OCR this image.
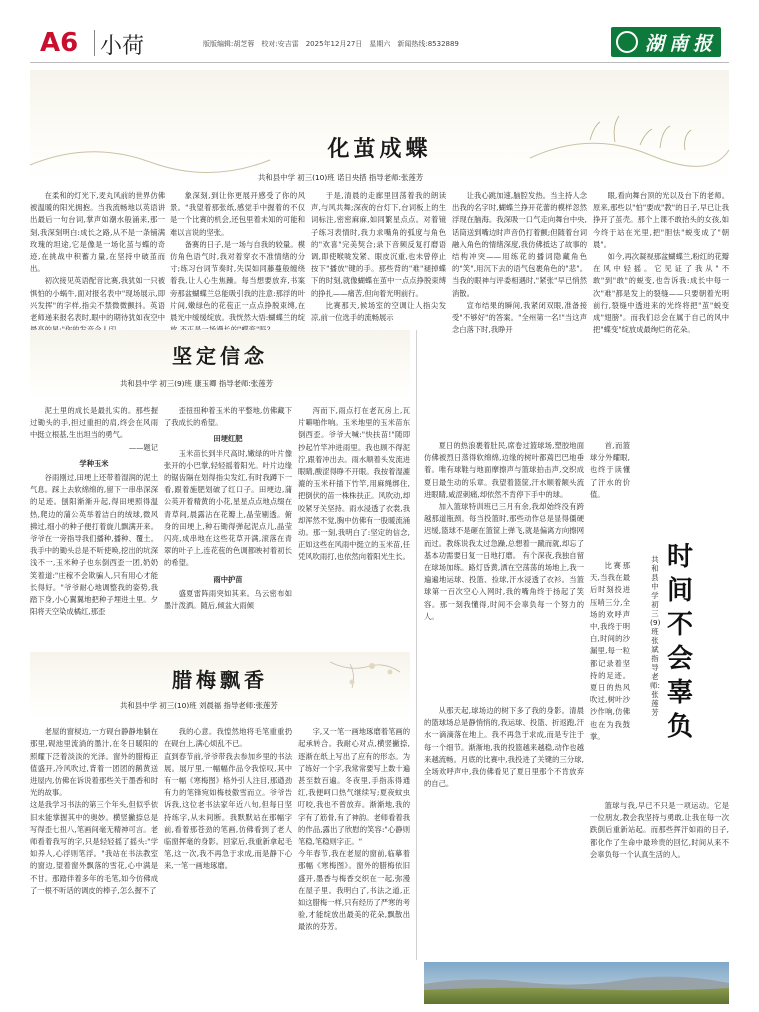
A6 小荷	版版编辑:胡芝蓉　校对:安吉雷　2025年12月27日　星期六　新闻热线:8532889	湖南报
化茧成蝶
共和县中学 初三(10)班 诺日央措 指导老师:张莲芳

在柔和的灯光下,麦丸风前的世界仿佛被温暖的阳光拥抱。当我流畅地以英语讲出最后一句台词,掌声如潮水般涌来,那一刻,我深刻明白:成长之路,从不是一条铺满玫瑰的坦途,它是像是一场化茧与蝶的奇迹,在挑战中积蓄力量,在坚持中破茧而出。

初次接见英语配音比赛,我犹如一只被惧怕的小蜗牛,面对报名表中"现场展示,即兴发挥"的字样,指尖不禁微微颤抖。英语老师递来报名表时,眼中的期待犹如夜空中

象深刻,到让你更展开感受了你的风景。"我望着那张纸,感觉手中握着的不仅是一个比赛的机会,还包里着未知的可能和难以言说的坚张。

备赛的日子,是一场与自我的较量。模仿角色语气时,我对着穿衣不准情绪的分寸;练习台词节奏时,失误如同藤蔓般缠绕着我,让人心生焦躁。每当想要放弃,书案旁那盆蝴蝶兰总能吸引我的注意:那浮的叶片间,嫩绿色的花苞正一点点挣脱束缚,在晨光中缓缓绽放。我恍然大悟:蝴蝶兰的绽

于是,清晨的走廊里回荡着我的朗读声,与风共舞;深夜的台灯下,台词板上的生词标注,密密麻麻,如同繁星点点。对着镜子练习表情时,我力求嘴角的弧度与角色的"欢喜"完美契合;录下音频反复打磨语调,即使喉咙发紧、眼皮沉重,也未曾停止按下"播放"键的手。那些背的"难"褪掉蝶下的时刻,就像蝴蝶在茧中一点点挣脱束缚的挣扎——痛苦,但向着光明前行。

比赛那天,候场室的空调让人指尖发凉,前一位选手的流畅展示

让我心跳加速,脑腔发热。当主持人念出我的名字时,蝴蝶兰挣开花蕾的模样忽然浮现在脑海。我深吸一口气走向舞台中央,话筒送到嘴边时声音仍打着颤;但随着台词融入角色的情绪深度,我仿佛抵达了故事的结构冲突——用练花的播词隐藏角色的"笑",用沉下去的语气包裹角色的"悲"。当我的眼神与评委相遇时,"紧张"早已悄然消散。

宣布结果的瞬间,我紧闭双眼,准备接受"不够好"的答案。"全州第一名!"当这声念白落下时,我睁开

眼,看向舞台顶的光以及台下的老师。原来,那些以"怕"要成"教"的日子,早已让我挣开了茧壳。那个上课不敢抬头的女孩,如今终于站在光里,把"胆怯"蜕变成了"朝晨"。

如今,再次凝视那盆蝴蝶兰,粉红的花瓣在风中轻摇。它见证了我从"不敢"到"敢"的蜕变,也告诉我:成长中每一次"难"都是发上的裂缝——只要朝着光明前行,裂缝中透进来的光终将把"茧"蜕变成"翅膀"。而我们总会在属于自己的风中把"蝶变"绽放成最绚烂的花朵。

坚定信念
共和县中学 初三(9)班 康玉卿 指导老师:张莲芳

泥土里的成长是最扎实的。那些握过锄头的手,担过重担的肩,终会在风雨中挺立根基,生出坦当的勇气。

——题记

学种玉米

谷雨刚过,田埂上还带着湿润的泥土气息。踩上去软绵绵的,留下一串串深深的足迹。刨阳渐渐升起,得田埂照得温热,爬边的蒲公英举着洁白的绒球,微风拂过,细小的种子便打着旋儿飘满开来。爷爷在一旁指导我们播种,播种、覆土。我手中的锄头总是不听使唤,挖出的坑深浅不一,玉米种子也东倒西歪一团,奶奶笑着道:"庄稼不会欺骗人,只有用心才能长得好。"爷爷耐心地调整我的姿势,我踏下身,小心翼翼地把种子埋进土里。夕阳将天空染成橘红,那歪

歪扭扭种着玉米的平整地,仿佛藏下了我成长的希望。

田埂红肥

玉米苗长到半尺高时,嫩绿的叶片像张开的小巴掌,轻轻摇着阳光。叶片边缘的锯齿隔在划得指尖发红,有时我蹲下一看,跟着施肥划破了红口子。田埂边,蒲公英开着精黄的小花,星星点点地点缀在青草间,晨露沾在花瓣上,晶莹剔透。俯身的田埂上,种石锄得弹起泥点儿,晶莹闪亮,成串地在这些花草开满,滚落在青翠的叶子上,连花苞的色调都映衬着初长的希望。

雨中护苗

盛夏雷阵雨突如其来。乌云密布如墨汁泼洒。随后,倾盆大雨倾

泻而下,雨点打在老瓦房上,瓦片噼啪作响。玉米地里的玉米苗东倒西歪。爷爷大喊:"快扶苗!"随即抄起竹竿冲进雨里。我也顾不得泥泞,跟着冲出去。雨水顺着头发流进眼睛,酸涩得睁不开眼。我按着湿漉漉的玉米秆插下竹竿,用麻绳绑住,把倒伏的苗一株株扶正。风吹动,却咬紧牙关坚持。雨水浸透了衣裳,我却浑然不觉,胸中仿佛有一股暖流涌动。那一刻,我明白了:坚定的信念,正如这些在风雨中挺立的玉米苗,任凭风吹雨打,也依然向着阳光生长。

腊梅飘香
共和县中学 初三(10)班 刘晨福 指导老师:张莲芳

老屋的窗棂边,一方砚台静静地躺在那里,砚池里流淌的墨汁,在冬日暖阳的照耀下泛着淡淡的光泽。窗外的腊梅正值盛开,冷风吹过,背着一团团的鹅黄送进屋内,仿佛在诉说着那些关于墨香和时光的故事。
这是我学习书法的第三个年头,但似乎依旧未能掌握其中的奥妙。横竖撇捺总是写得歪七扭八,笔画间毫无精神可言。老师看着我写的字,只是轻轻摇了摇头:"学如养人,心浮则笔浮。"我站在书法教室的窗边,望着窗外飘落的雪花,心中满是不甘。那踏伴着多年的毛笔,如今仿佛成了一根不听话的调皮的棒子,怎么握不了

我的心意。我惶然地将毛笔重重扔在砚台上,满心烦乱不已。
直到春节前,爷爷带我去参加乡里的书法展。展厅里,一幅幅作品令我惊叹,其中有一幅《寒梅图》格外引人注目,那遒劲有力的笔锋宛如梅枝傲雪而立。爷爷告诉我,这位老书法家年近八旬,但每日坚持练字,从未间断。我默默站在那幅字前,看着那苍劲的笔画,仿佛看到了老人临窗挥毫的身影。回家后,我重新拿起毛笔,这一次,我不再急于求成,而是静下心来,一笔一画地琢磨。

字,又一笔一画地琢磨着笔画的起承转合。我耐心对点,横竖撇捺,逐渐在纸上写出了应有的形态。为了练好一个字,我常常要写上数十遍甚至数百遍。冬夜里,手指冻得通红,我便呵口热气继续写;夏夜蚊虫叮咬,我也不曾放弃。渐渐地,我的字有了筋骨,有了神韵。老师看着我的作品,露出了欣慰的笑容:"心静则笔稳,笔稳则字正。"
今年春节,我在老屋的窗前,临摹着那幅《寒梅图》。窗外的腊梅依旧盛开,墨香与梅香交织在一起,弥漫在屋子里。我明白了,书法之道,正如这腊梅一样,只有经历了严寒的考验,才能绽放出最美的花朵,飘散出最浓的芬芳。

夏日的热浪裹着肚民,席卷过篮球场,塑胶地面仿佛被烈日蒸得软绵绵,边缘的树叶都蔫巴巴地垂着。唯有球鞋与地面摩擦声与篮球拍击声,交织成夏日最生动的乐章。我望着篮筐,汗水顺着额头流进眼睛,咸涩刺痛,却依然不肯停下手中的球。

加入篮球特训班已三月有余,我却始终没有跨越那道瓶颈。每当投篮时,那些动作总是显得僵硬迟缓,篮球不是砸在篮筐上弹飞,就是偏离方向擦网而过。教练说我太过急躁,总想着一蹴而就,却忘了基本功需要日复一日地打磨。 有个深夜,我独自留在球场加练。路灯昏黄,洒在空荡荡的场地上,我一遍遍地运球、投篮、捡球,汗水浸透了衣衫。当篮球第一百次空心入网时,我的嘴角终于扬起了笑容。那一刻我懂得,时间不会辜负每一个努力的人。

从那天起,球场边的树下多了我的身影。清晨的篮球场总是静悄悄的,我运球、投篮、折返跑,汗水一滴滴落在地上。我不再急于求成,而是专注于每一个细节。渐渐地,我的投篮越来越稳,动作也越来越流畅。月底的比赛中,我投进了关键的三分球,全场欢呼声中,我仿佛看见了夏日里那个不肯放弃的自己。

首,而篮球分外耀眼,也终于读懂了汗水的价值。

比赛那天,当我在最后时刻投进压哨三分,全场的欢呼声中,我终于明白,时间的沙漏里,每一粒都记录着坚持的足迹。夏日的热风吹过,树叶沙沙作响,仿佛也在为我鼓掌。

共和县中学 初三(9)班 张斌 指导老师:张莲芳
时间不会辜负

篮球与我,早已不只是一项运动。它是一位朋友,教会我坚持与勇敢,让我在每一次跌倒后重新站起。而那些挥汗如雨的日子,都化作了生命中最珍贵的回忆,时间从来不会辜负每一个认真生活的人。
